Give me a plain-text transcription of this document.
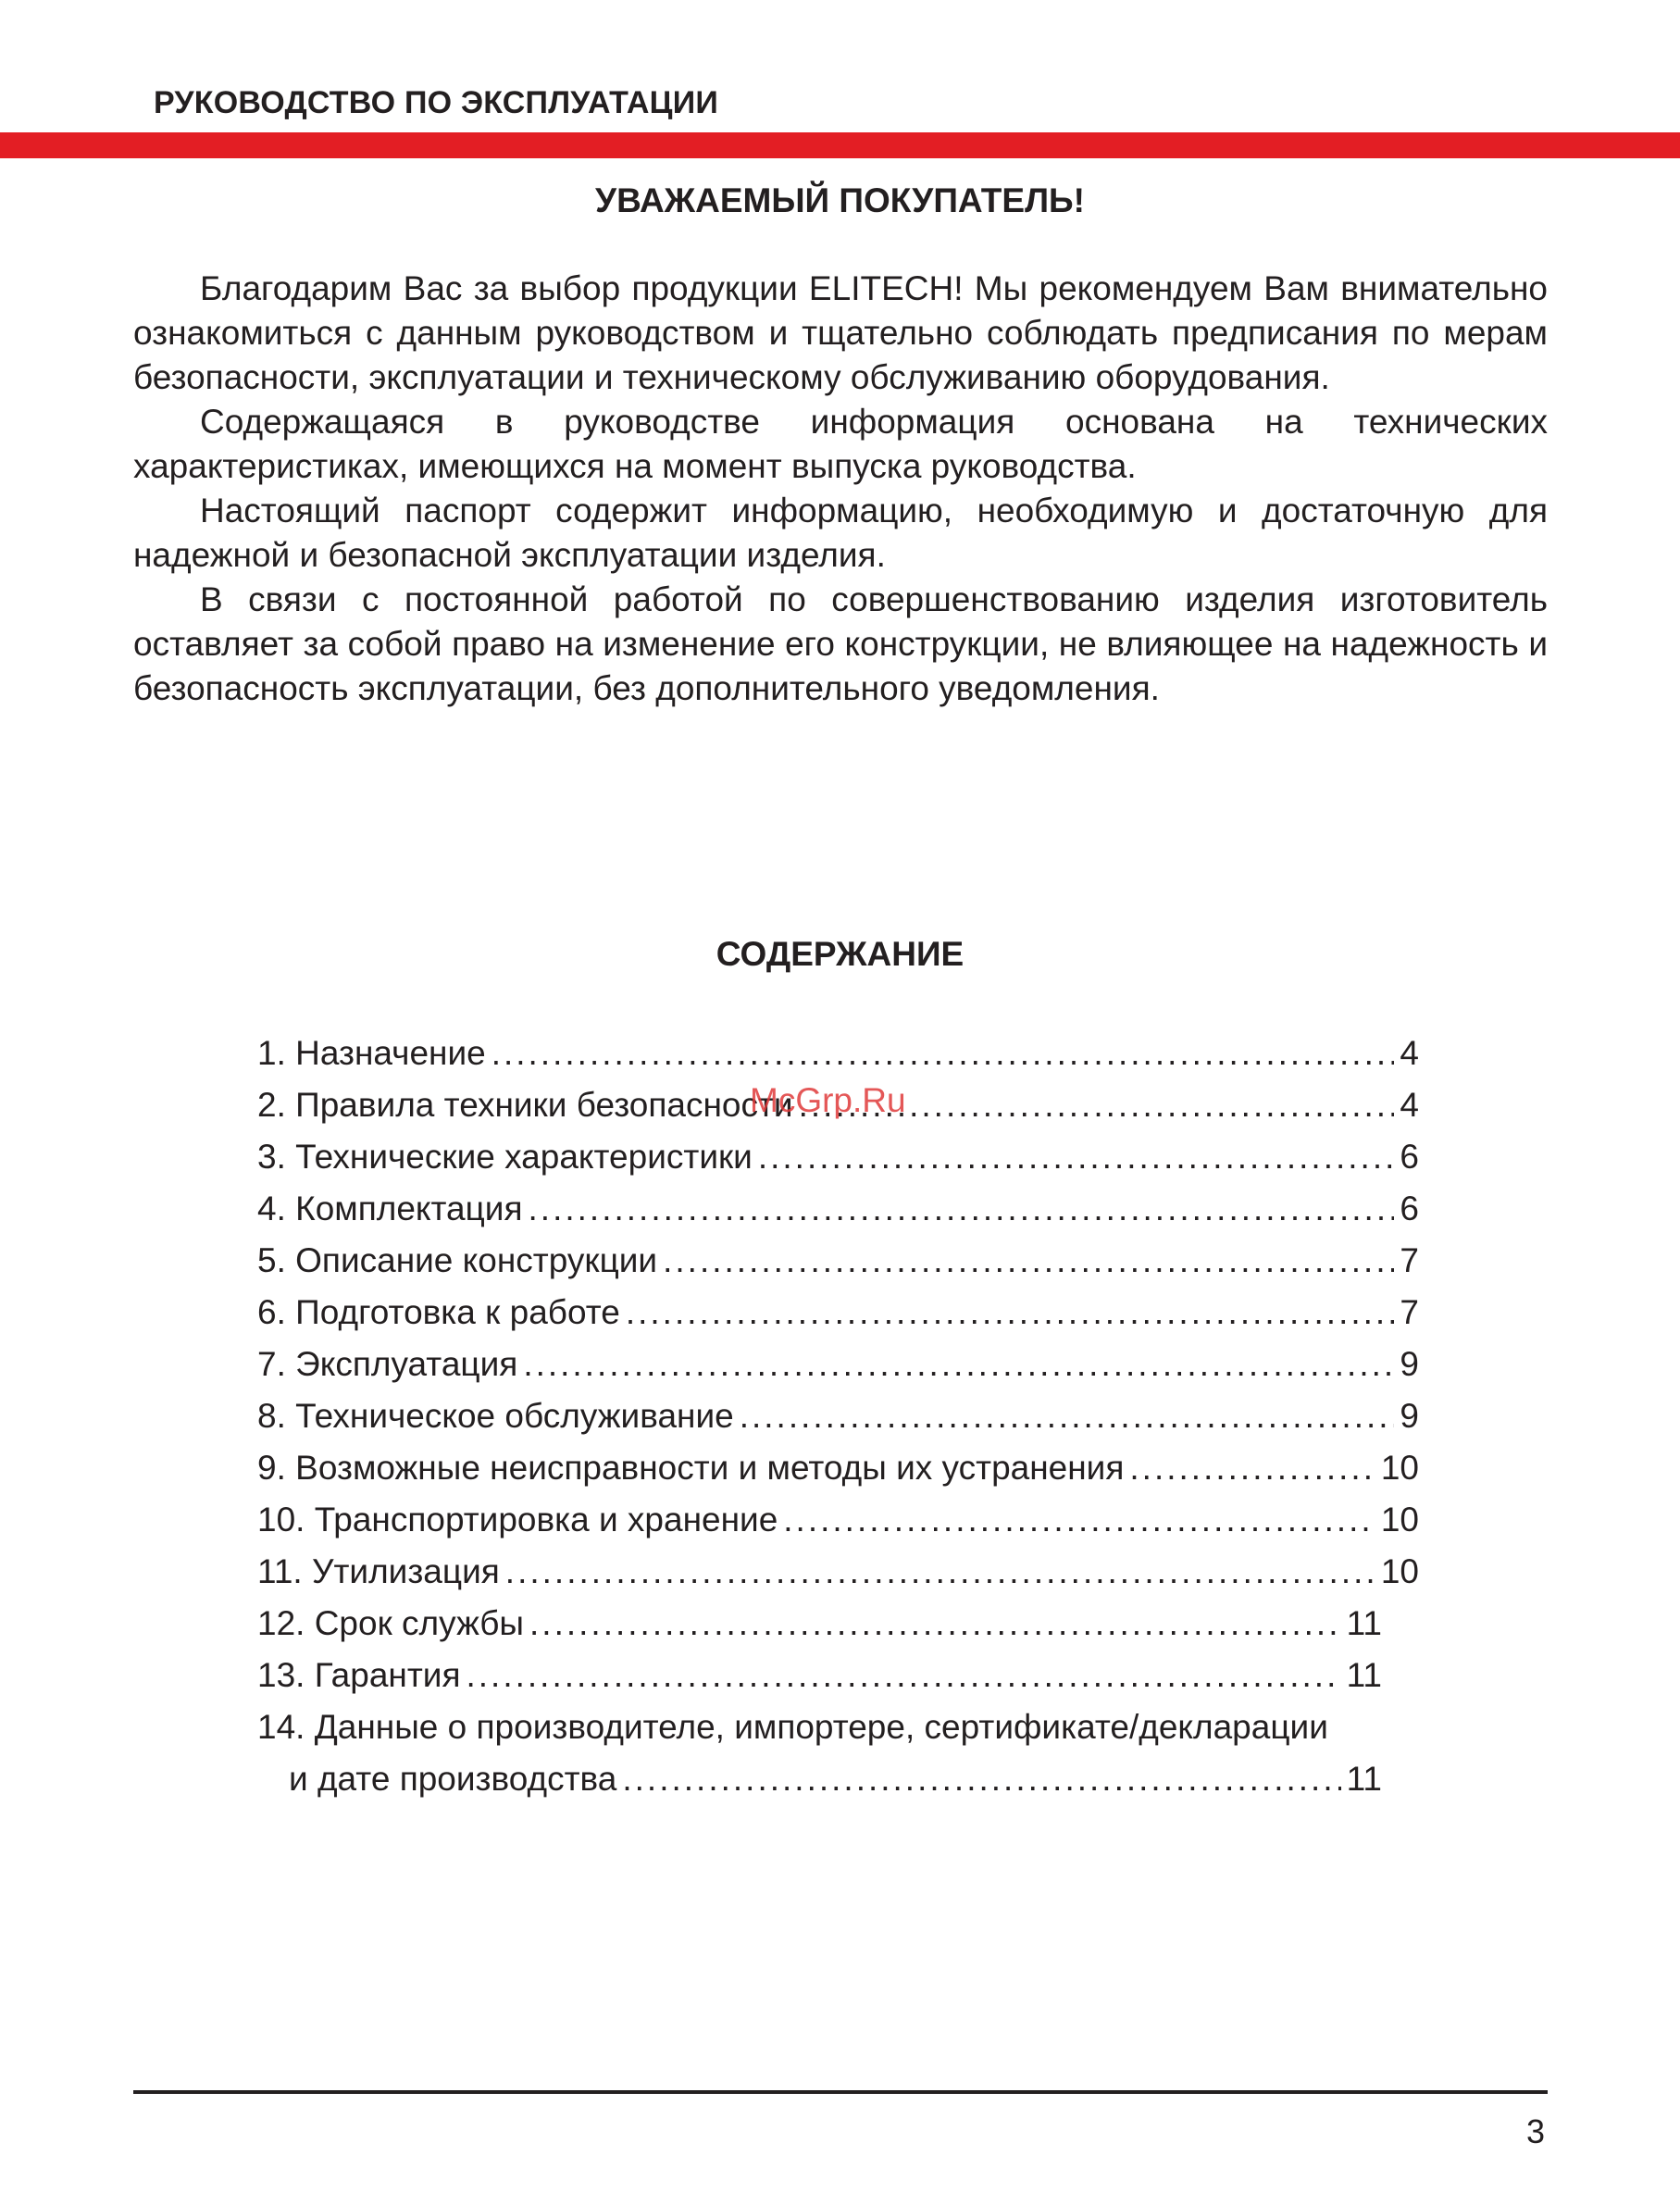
РУКОВОДСТВО ПО ЭКСПЛУАТАЦИИ
УВАЖАЕМЫЙ ПОКУПАТЕЛЬ!

Благодарим Вас за выбор продукции ELITECH! Мы рекомендуем Вам внимательно ознакомиться с данным руководством и тщательно соблюдать предписания по мерам безопасности, эксплуатации и техническому обслуживанию оборудования.

Содержащаяся в руководстве информация основана на технических характеристиках, имеющихся на момент выпуска руководства.

Настоящий паспорт содержит информацию, необходимую и достаточную для надежной и безопасной эксплуатации изделия.

В связи с постоянной работой по совершенствованию изделия изготовитель оставляет за собой право на изменение его конструкции, не влияющее на надежность и безопасность эксплуатации, без дополнительного уведомления.

СОДЕРЖАНИЕ
1. Назначение .....	4
2. Правила техники безопасности .....	4
3. Технические характеристики .....	6
4. Комплектация .....	6
5. Описание конструкции .....	7
6. Подготовка к работе .....	7
7. Эксплуатация .....	9
8. Техническое обслуживание .....	9
9. Возможные неисправности и методы их устранения .....	10
10. Транспортировка и хранение .....	10
11. Утилизация .....	10
12. Срок службы .....	11
13. Гарантия .....	11
14. Данные о производителе, импортере, сертификате/декларации
и дате производства .....	11
McGrp.Ru
3
